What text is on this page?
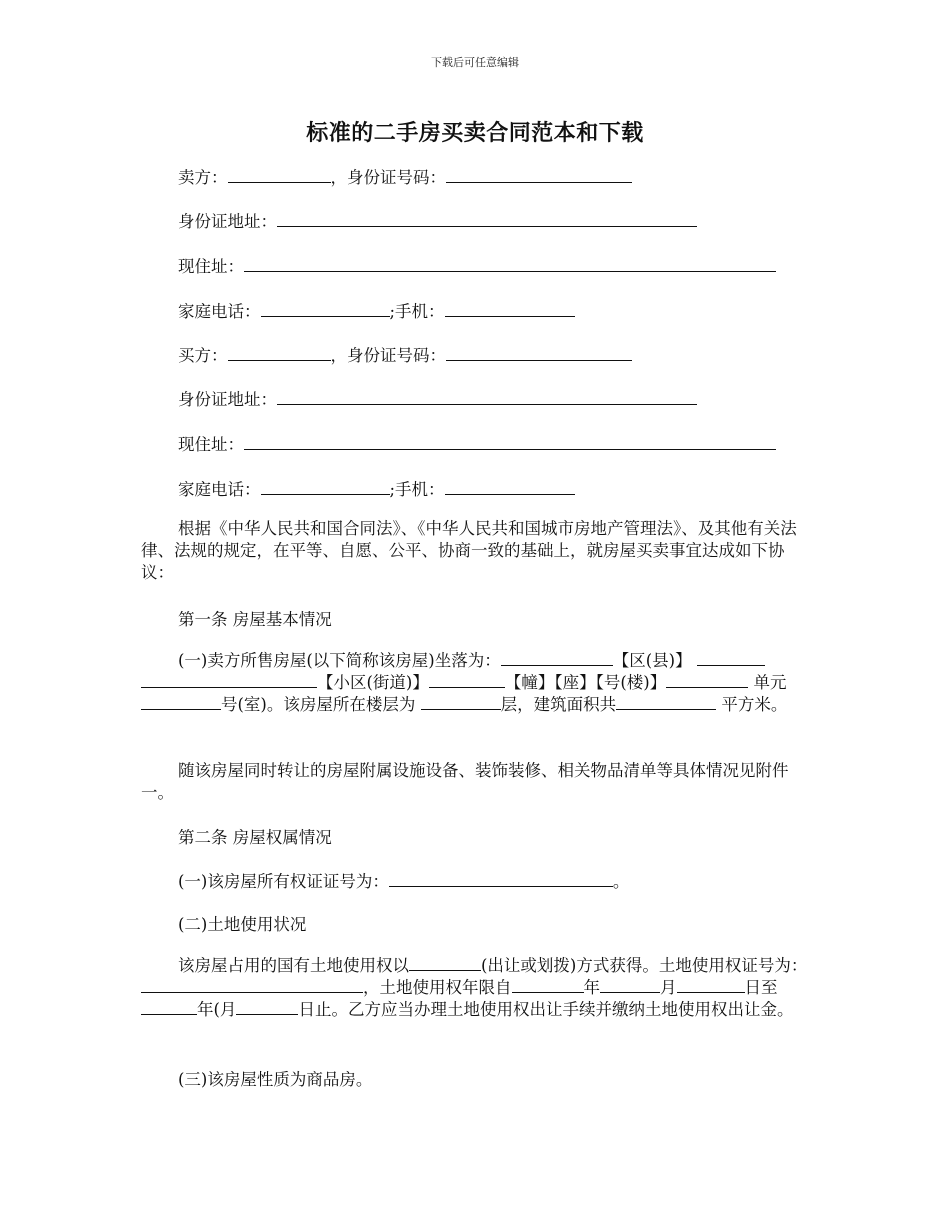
下载后可任意编辑
标准的二手房买卖合同范本和下载
卖方：	，身份证号码：
身份证地址：
现住址：
家庭电话：	;手机：
买方：	，身份证号码：
身份证地址：
现住址：
家庭电话：	;手机：
根据《中华人民共和国合同法》、《中华人民共和国城市房地产管理法》、及其他有关法律、法规的规定，在平等、自愿、公平、协商一致的基础上，就房屋买卖事宜达成如下协议：
第一条 房屋基本情况
(一)卖方所售房屋(以下简称该房屋)坐落为：	【区(县)】 【小区(街道)】	【幢】【座】【号(楼)】	单元 号(室)。该房屋所在楼层为	层，建筑面积共	平方米。
随该房屋同时转让的房屋附属设施设备、装饰装修、相关物品清单等具体情况见附件一。
第二条 房屋权属情况
(一)该房屋所有权证证号为：	。
(二)土地使用状况
该房屋占用的国有土地使用权以	(出让或划拨)方式获得。土地使用权证号为：，土地使用权年限自	年	月	日至年(月	日止。乙方应当办理土地使用权出让手续并缴纳土地使用权出让金。
(三)该房屋性质为商品房。
